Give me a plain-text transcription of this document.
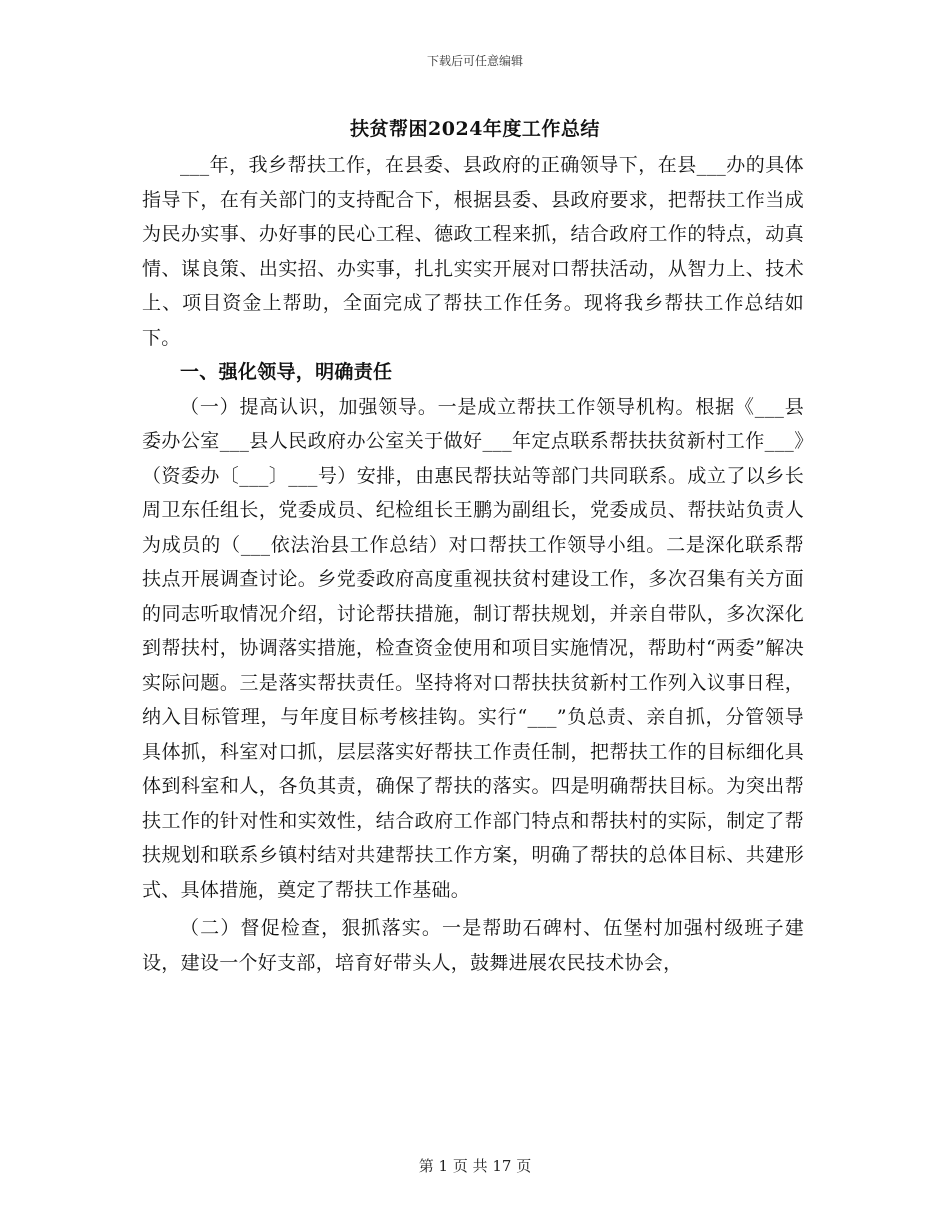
下载后可任意编辑
扶贫帮困2024年度工作总结

___年，我乡帮扶工作，在县委、县政府的正确领导下，在县___办的具体指导下，在有关部门的支持配合下，根据县委、县政府要求，把帮扶工作当成为民办实事、办好事的民心工程、德政工程来抓，结合政府工作的特点，动真情、谋良策、出实招、办实事，扎扎实实开展对口帮扶活动，从智力上、技术上、项目资金上帮助，全面完成了帮扶工作任务。现将我乡帮扶工作总结如下。

一、强化领导，明确责任

（一）提高认识，加强领导。一是成立帮扶工作领导机构。根据《___县委办公室___县人民政府办公室关于做好___年定点联系帮扶扶贫新村工作___》（资委办〔___〕___号）安排，由惠民帮扶站等部门共同联系。成立了以乡长周卫东任组长，党委成员、纪检组长王鹏为副组长，党委成员、帮扶站负责人为成员的（___依法治县工作总结）对口帮扶工作领导小组。二是深化联系帮扶点开展调查讨论。乡党委政府高度重视扶贫村建设工作，多次召集有关方面的同志听取情况介绍，讨论帮扶措施，制订帮扶规划，并亲自带队，多次深化到帮扶村，协调落实措施，检查资金使用和项目实施情况，帮助村“两委”解决实际问题。三是落实帮扶责任。坚持将对口帮扶扶贫新村工作列入议事日程，纳入目标管理，与年度目标考核挂钩。实行“___”负总责、亲自抓，分管领导具体抓，科室对口抓，层层落实好帮扶工作责任制，把帮扶工作的目标细化具体到科室和人，各负其责，确保了帮扶的落实。四是明确帮扶目标。为突出帮扶工作的针对性和实效性，结合政府工作部门特点和帮扶村的实际，制定了帮扶规划和联系乡镇村结对共建帮扶工作方案，明确了帮扶的总体目标、共建形式、具体措施，奠定了帮扶工作基础。

（二）督促检查，狠抓落实。一是帮助石碑村、伍堡村加强村级班子建设，建设一个好支部，培育好带头人，鼓舞进展农民技术协会，

第 1 页 共 17 页
